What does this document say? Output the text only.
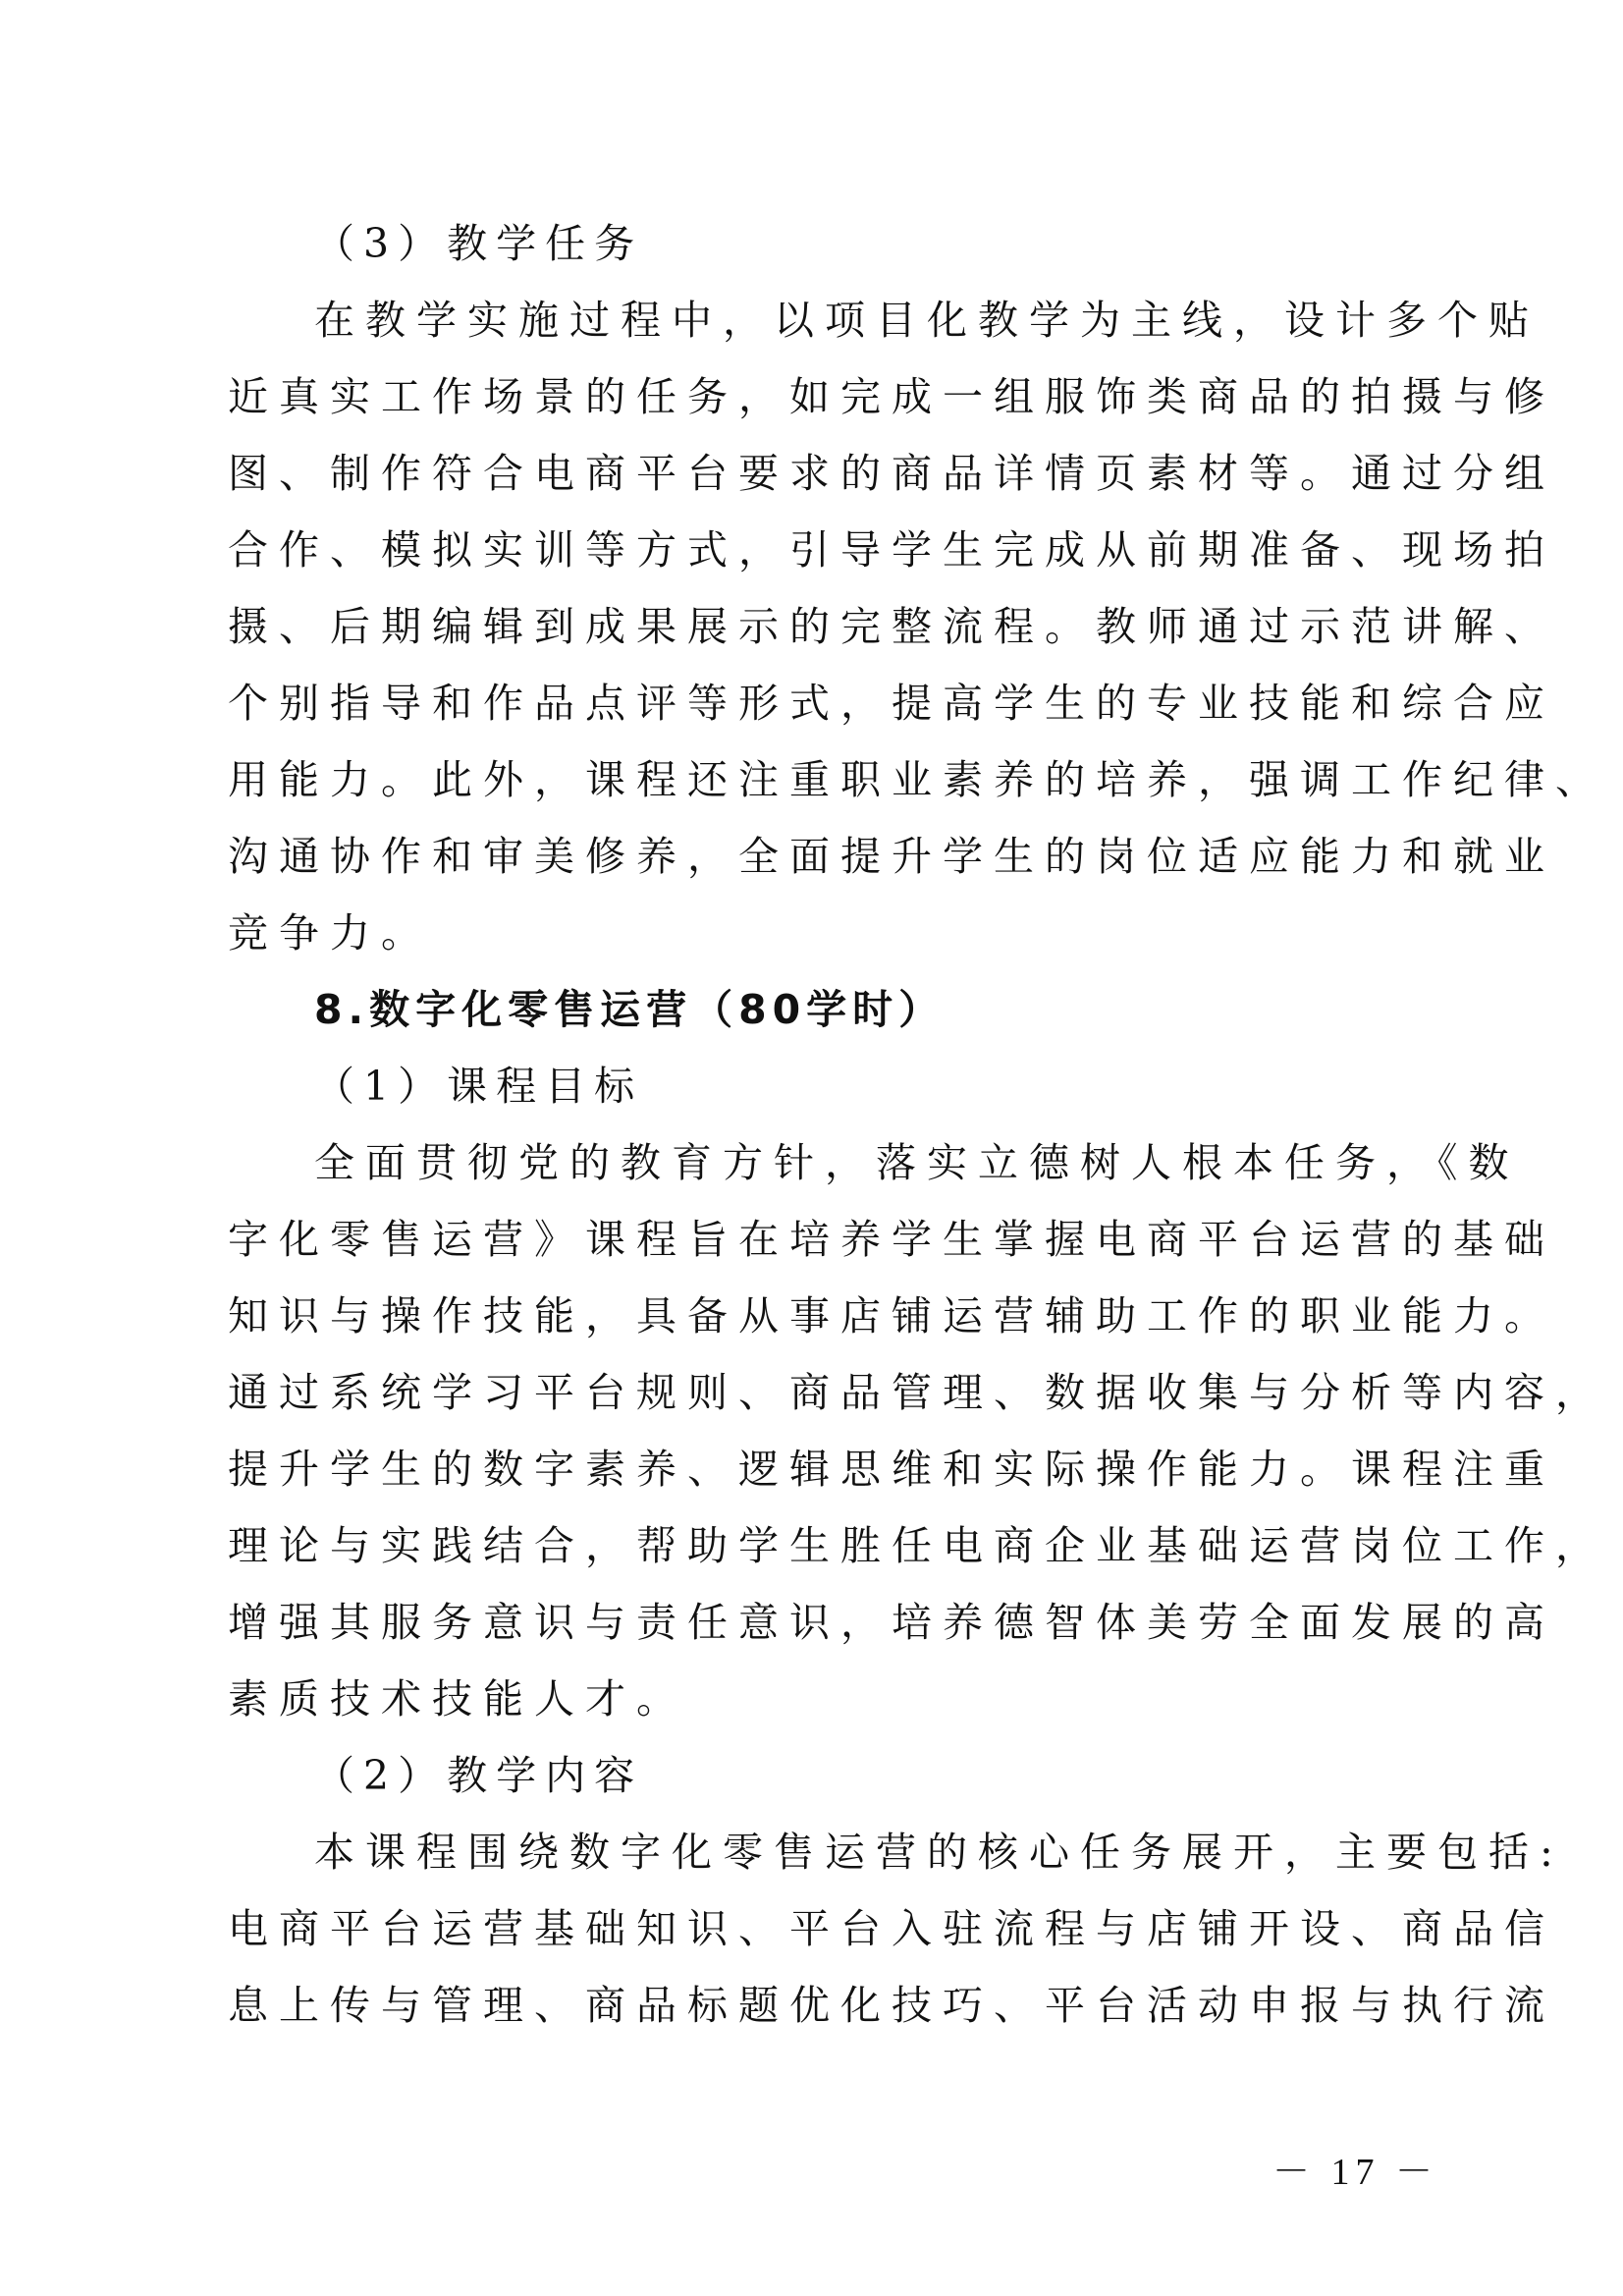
（3）教学任务
在教学实施过程中，以项目化教学为主线，设计多个贴
近真实工作场景的任务，如完成一组服饰类商品的拍摄与修
图、制作符合电商平台要求的商品详情页素材等。通过分组
合作、模拟实训等方式，引导学生完成从前期准备、现场拍
摄、后期编辑到成果展示的完整流程。教师通过示范讲解、
个别指导和作品点评等形式，提高学生的专业技能和综合应
用能力。此外，课程还注重职业素养的培养，强调工作纪律、
沟通协作和审美修养，全面提升学生的岗位适应能力和就业
竞争力。
8.数字化零售运营（80学时）
（1）课程目标
全面贯彻党的教育方针，落实立德树人根本任务，《数
字化零售运营》课程旨在培养学生掌握电商平台运营的基础
知识与操作技能，具备从事店铺运营辅助工作的职业能力。
通过系统学习平台规则、商品管理、数据收集与分析等内容，
提升学生的数字素养、逻辑思维和实际操作能力。课程注重
理论与实践结合，帮助学生胜任电商企业基础运营岗位工作，
增强其服务意识与责任意识，培养德智体美劳全面发展的高
素质技术技能人才。
（2）教学内容
本课程围绕数字化零售运营的核心任务展开，主要包括:
电商平台运营基础知识、平台入驻流程与店铺开设、商品信
息上传与管理、商品标题优化技巧、平台活动申报与执行流
－ 17 －
